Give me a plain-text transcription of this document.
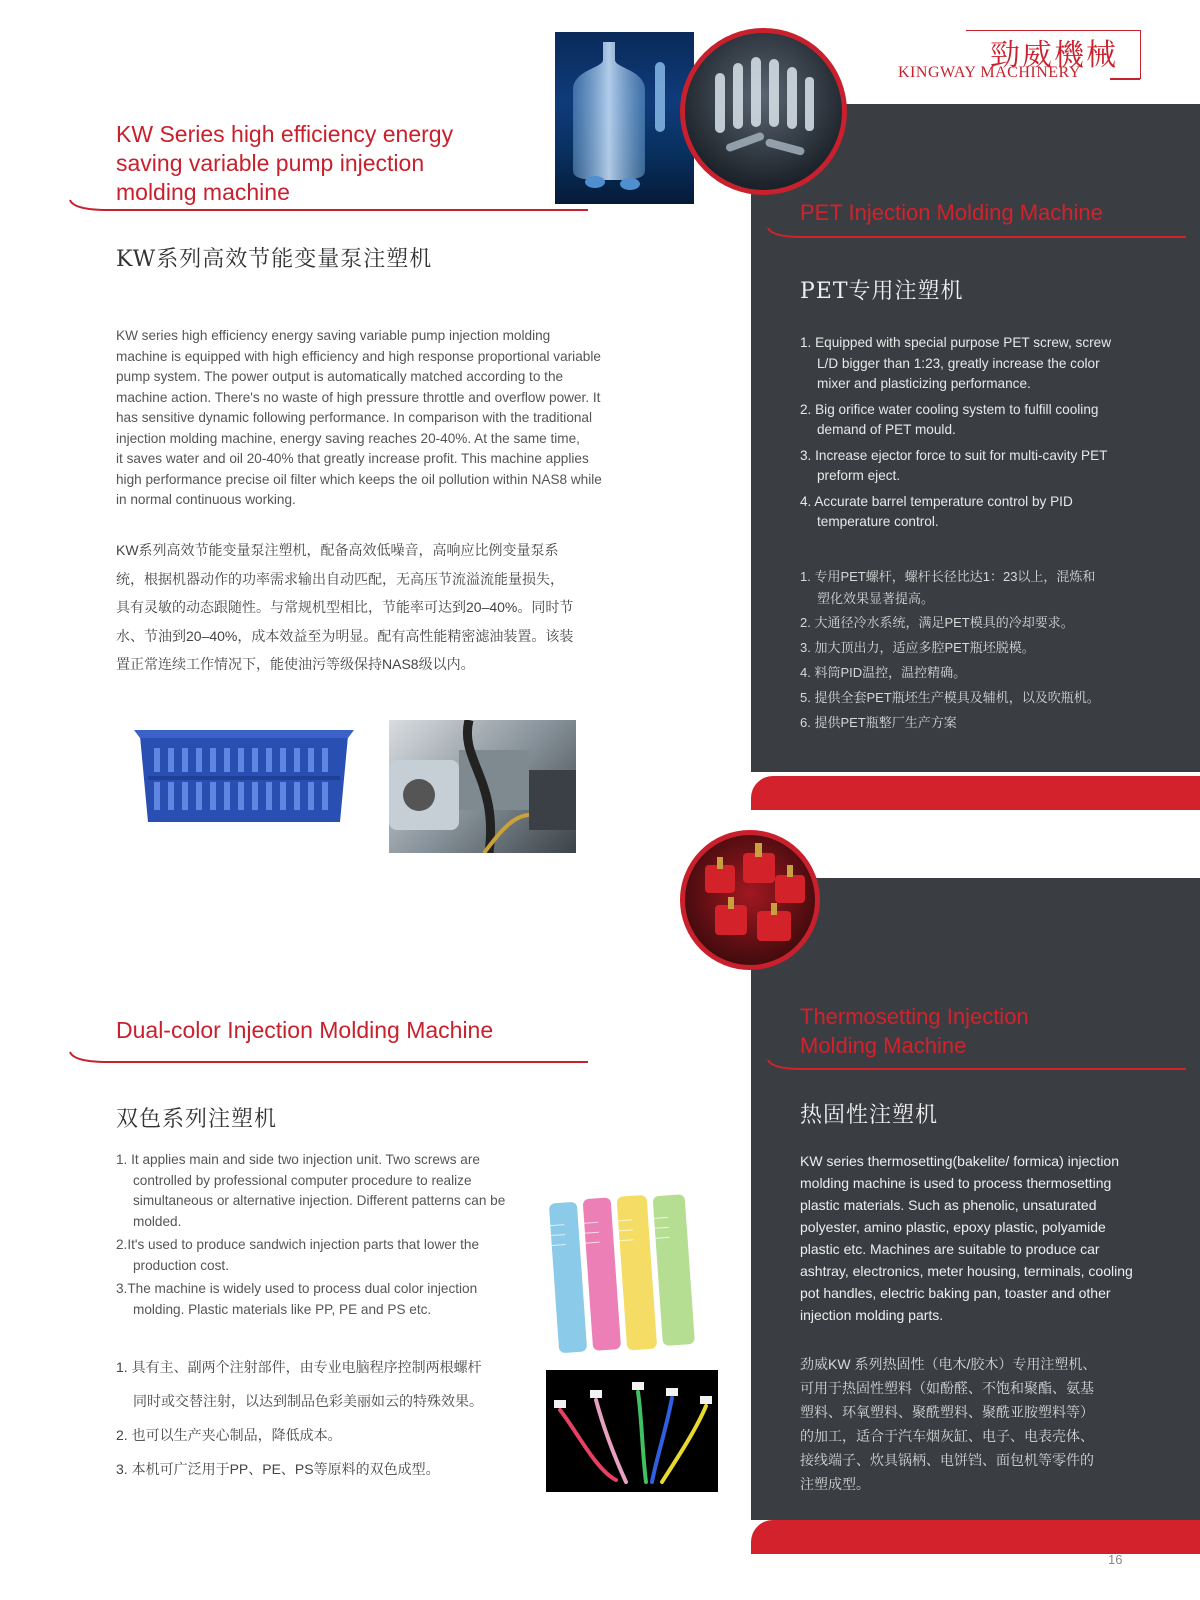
勁威機械
KINGWAY MACHINERY
KW Series high efficiency energy
saving variable pump injection
molding machine
KW系列高效节能变量泵注塑机
KW series high efficiency energy saving variable pump injection molding
machine is equipped with high efficiency and high response proportional variable
pump system. The power output is automatically matched according to the
machine action. There's no waste of high pressure throttle and overflow power. It
has sensitive dynamic following performance. In comparison with the traditional
injection molding machine, energy saving reaches 20-40%. At the same time,
it saves water and oil 20-40% that greatly increase profit. This machine applies
high performance precise oil filter which keeps the oil pollution within NAS8 while
in normal continuous working.
KW系列高效节能变量泵注塑机，配备高效低噪音，高响应比例变量泵系
统，根据机器动作的功率需求输出自动匹配，无高压节流溢流能量损失，
具有灵敏的动态跟随性。与常规机型相比，节能率可达到20–40%。同时节
水、节油到20–40%，成本效益至为明显。配有高性能精密滤油装置。该装
置正常连续工作情况下，能使油污等级保持NAS8级以内。
PET Injection Molding Machine
PET专用注塑机
1. Equipped with special purpose PET screw, screw
L/D bigger than 1:23, greatly increase the color
mixer and plasticizing performance.
2. Big orifice water cooling system to fulfill cooling
demand of PET mould.
3. Increase ejector force to suit for multi-cavity PET
preform eject.
4. Accurate barrel temperature control by PID
temperature control.
1. 专用PET螺杆，螺杆长径比达1：23以上，混炼和
塑化效果显著提高。
2. 大通径冷水系统，满足PET模具的冷却要求。
3. 加大顶出力，适应多腔PET瓶坯脱模。
4. 料筒PID温控，温控精确。
5. 提供全套PET瓶坯生产模具及辅机，以及吹瓶机。
6. 提供PET瓶整厂生产方案
Dual-color Injection Molding Machine
双色系列注塑机
1. It applies main and side two injection unit. Two screws are
controlled by professional computer procedure to realize
simultaneous or alternative injection. Different patterns can be
molded.
2.It's used to produce sandwich injection parts that lower the
production cost.
3.The machine is widely used to process dual color injection
molding. Plastic materials like PP, PE and PS etc.
1. 具有主、副两个注射部件，由专业电脑程序控制两根螺杆
同时或交替注射，以达到制品色彩美丽如云的特殊效果。
2. 也可以生产夹心制品，降低成本。
3. 本机可广泛用于PP、PE、PS等原料的双色成型。
Thermosetting Injection
Molding Machine
热固性注塑机
KW series thermosetting(bakelite/ formica) injection
molding machine is used to process thermosetting
plastic materials. Such as phenolic, unsaturated
polyester, amino plastic, epoxy plastic, polyamide
plastic etc. Machines are suitable to produce car
ashtray, electronics, meter housing, terminals, cooling
pot handles, electric baking pan, toaster and other
injection molding parts.
劲威KW 系列热固性（电木/胶木）专用注塑机、
可用于热固性塑料（如酚醛、不饱和聚酯、氨基
塑料、环氧塑料、聚酰塑料、聚酰亚胺塑料等）
的加工，适合于汽车烟灰缸、电子、电表壳体、
接线端子、炊具锅柄、电饼铛、面包机等零件的
注塑成型。
16
